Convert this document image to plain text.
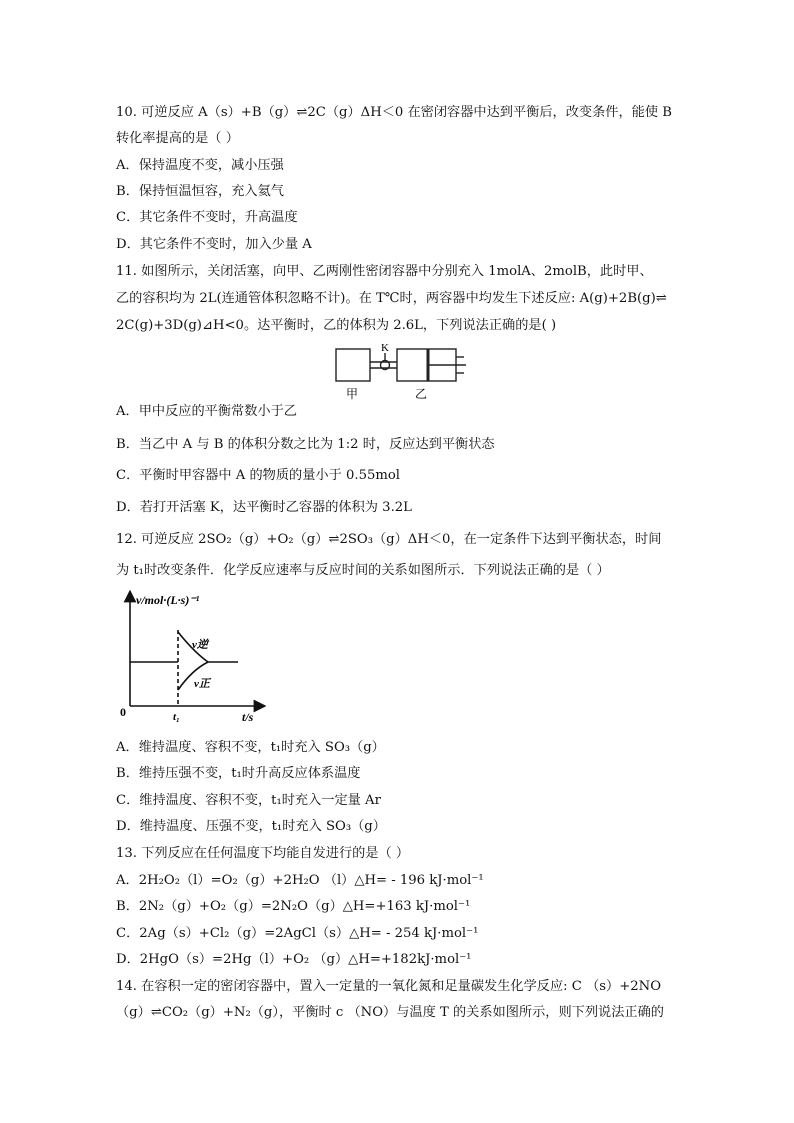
10. 可逆反应 A（s）+B（g）⇌2C（g）ΔH＜0 在密闭容器中达到平衡后，改变条件，能使 B
转化率提高的是（ ）
A．保持温度不变，减小压强
B．保持恒温恒容，充入氦气
C．其它条件不变时，升高温度
D．其它条件不变时，加入少量 A
11. 如图所示，关闭活塞，向甲、乙两刚性密闭容器中分别充入 1molA、2molB，此时甲、
乙的容积均为 2L(连通管体积忽略不计)。在 T℃时，两容器中均发生下述反应: A(g)+2B(g)⇌
2C(g)+3D(g)⊿H<0。达平衡时，乙的体积为 2.6L，下列说法正确的是( )
K
甲	乙
A．甲中反应的平衡常数小于乙
B．当乙中 A 与 B 的体积分数之比为 1:2 时，反应达到平衡状态
C．平衡时甲容器中 A 的物质的量小于 0.55mol
D．若打开活塞 K，达平衡时乙容器的体积为 3.2L
12. 可逆反应 2SO₂（g）+O₂（g）⇌2SO₃（g）ΔH＜0，在一定条件下达到平衡状态，时间
为 t₁时改变条件．化学反应速率与反应时间的关系如图所示．下列说法正确的是（ ）
v/mol·(L·s)⁻¹
t/s
0	t₁
v逆
v正
A．维持温度、容积不变，t₁时充入 SO₃（g）
B．维持压强不变，t₁时升高反应体系温度
C．维持温度、容积不变，t₁时充入一定量 Ar
D．维持温度、压强不变，t₁时充入 SO₃（g）
13. 下列反应在任何温度下均能自发进行的是（ ）
A．2H₂O₂（l）=O₂（g）+2H₂O （l）△H= - 196 kJ·mol⁻¹
B．2N₂（g）+O₂（g）=2N₂O（g）△H=+163 kJ·mol⁻¹
C．2Ag（s）+Cl₂（g）=2AgCl（s）△H= - 254 kJ·mol⁻¹
D．2HgO（s）=2Hg（l）+O₂ （g）△H=+182kJ·mol⁻¹
14. 在容积一定的密闭容器中，置入一定量的一氧化氮和足量碳发生化学反应: C （s）+2NO
（g）⇌CO₂（g）+N₂（g），平衡时 c （NO）与温度 T 的关系如图所示，则下列说法正确的
